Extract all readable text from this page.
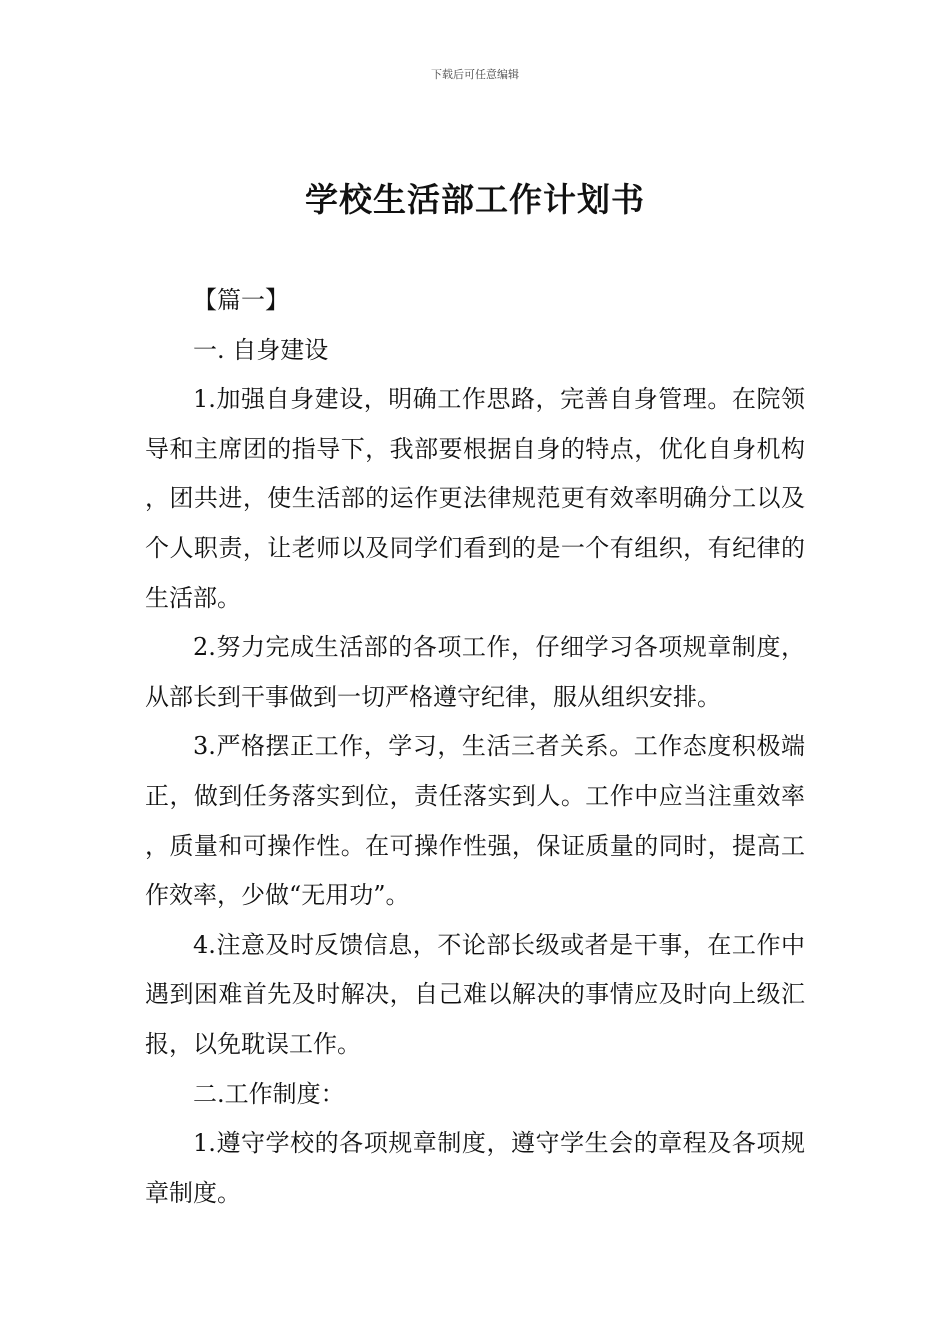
下载后可任意编辑
学校生活部工作计划书

【篇一】

一. 自身建设

1.加强自身建设，明确工作思路，完善自身管理。在院领导和主席团的指导下，我部要根据自身的特点，优化自身机构，团共进，使生活部的运作更法律规范更有效率明确分工以及个人职责，让老师以及同学们看到的是一个有组织，有纪律的生活部。

2.努力完成生活部的各项工作，仔细学习各项规章制度，从部长到干事做到一切严格遵守纪律，服从组织安排。

3.严格摆正工作，学习，生活三者关系。工作态度积极端正，做到任务落实到位，责任落实到人。工作中应当注重效率，质量和可操作性。在可操作性强，保证质量的同时，提高工作效率，少做“无用功”。

4.注意及时反馈信息，不论部长级或者是干事，在工作中遇到困难首先及时解决，自己难以解决的事情应及时向上级汇报，以免耽误工作。

二.工作制度：

1.遵守学校的各项规章制度，遵守学生会的章程及各项规章制度。
